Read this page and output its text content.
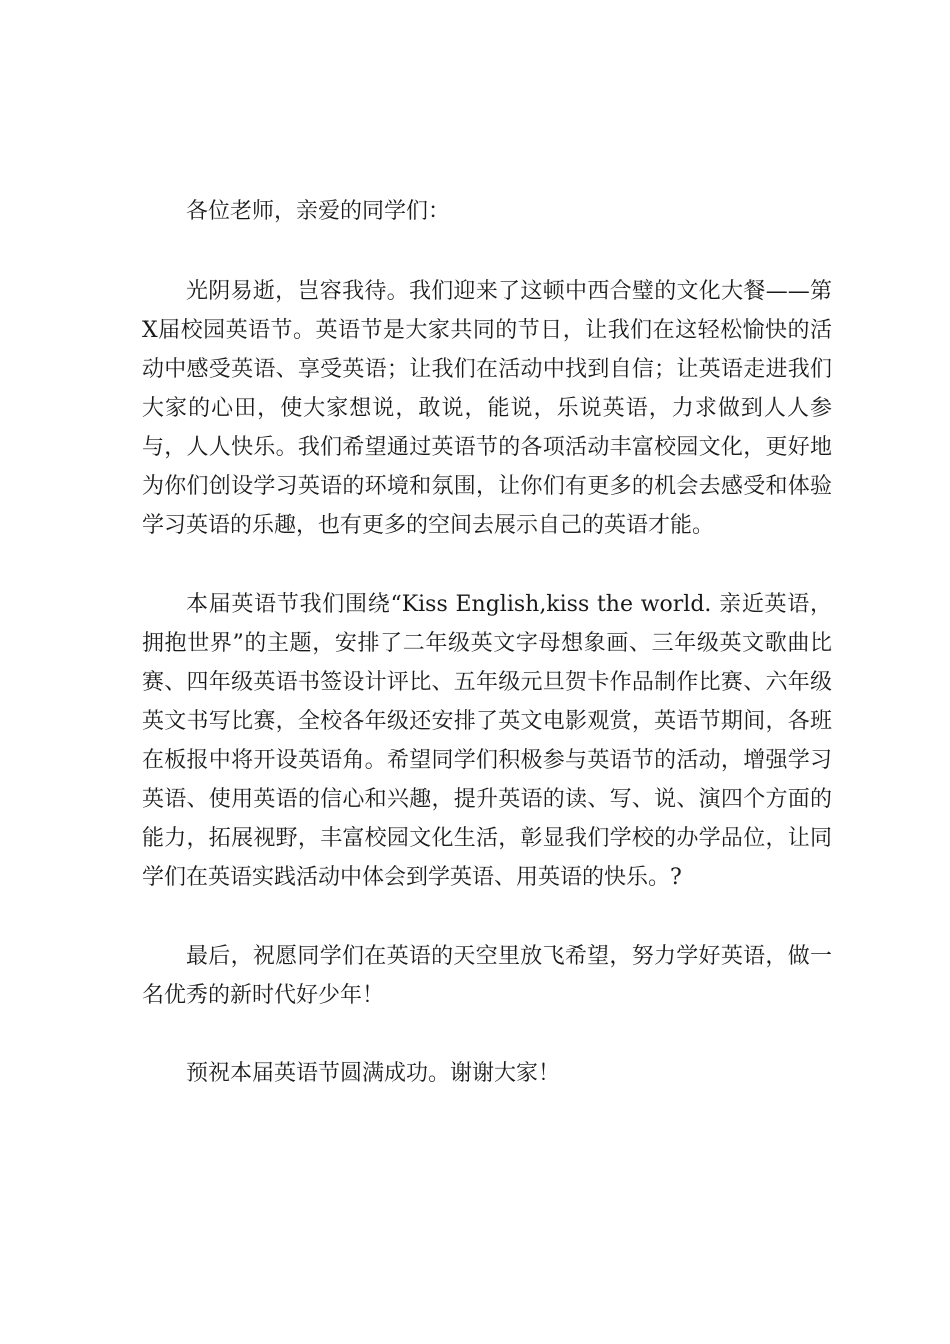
各位老师，亲爱的同学们：

光阴易逝，岂容我待。我们迎来了这顿中西合璧的文化大餐——第X届校园英语节。英语节是大家共同的节日，让我们在这轻松愉快的活动中感受英语、享受英语；让我们在活动中找到自信；让英语走进我们大家的心田，使大家想说，敢说，能说，乐说英语，力求做到人人参与，人人快乐。我们希望通过英语节的各项活动丰富校园文化，更好地为你们创设学习英语的环境和氛围，让你们有更多的机会去感受和体验学习英语的乐趣，也有更多的空间去展示自己的英语才能。

本届英语节我们围绕“Kiss English,kiss the world. 亲近英语，拥抱世界”的主题，安排了二年级英文字母想象画、三年级英文歌曲比赛、四年级英语书签设计评比、五年级元旦贺卡作品制作比赛、六年级英文书写比赛，全校各年级还安排了英文电影观赏，英语节期间，各班在板报中将开设英语角。希望同学们积极参与英语节的活动，增强学习英语、使用英语的信心和兴趣，提升英语的读、写、说、演四个方面的能力，拓展视野，丰富校园文化生活，彰显我们学校的办学品位，让同学们在英语实践活动中体会到学英语、用英语的快乐。?

最后，祝愿同学们在英语的天空里放飞希望，努力学好英语，做一名优秀的新时代好少年！

预祝本届英语节圆满成功。谢谢大家！
